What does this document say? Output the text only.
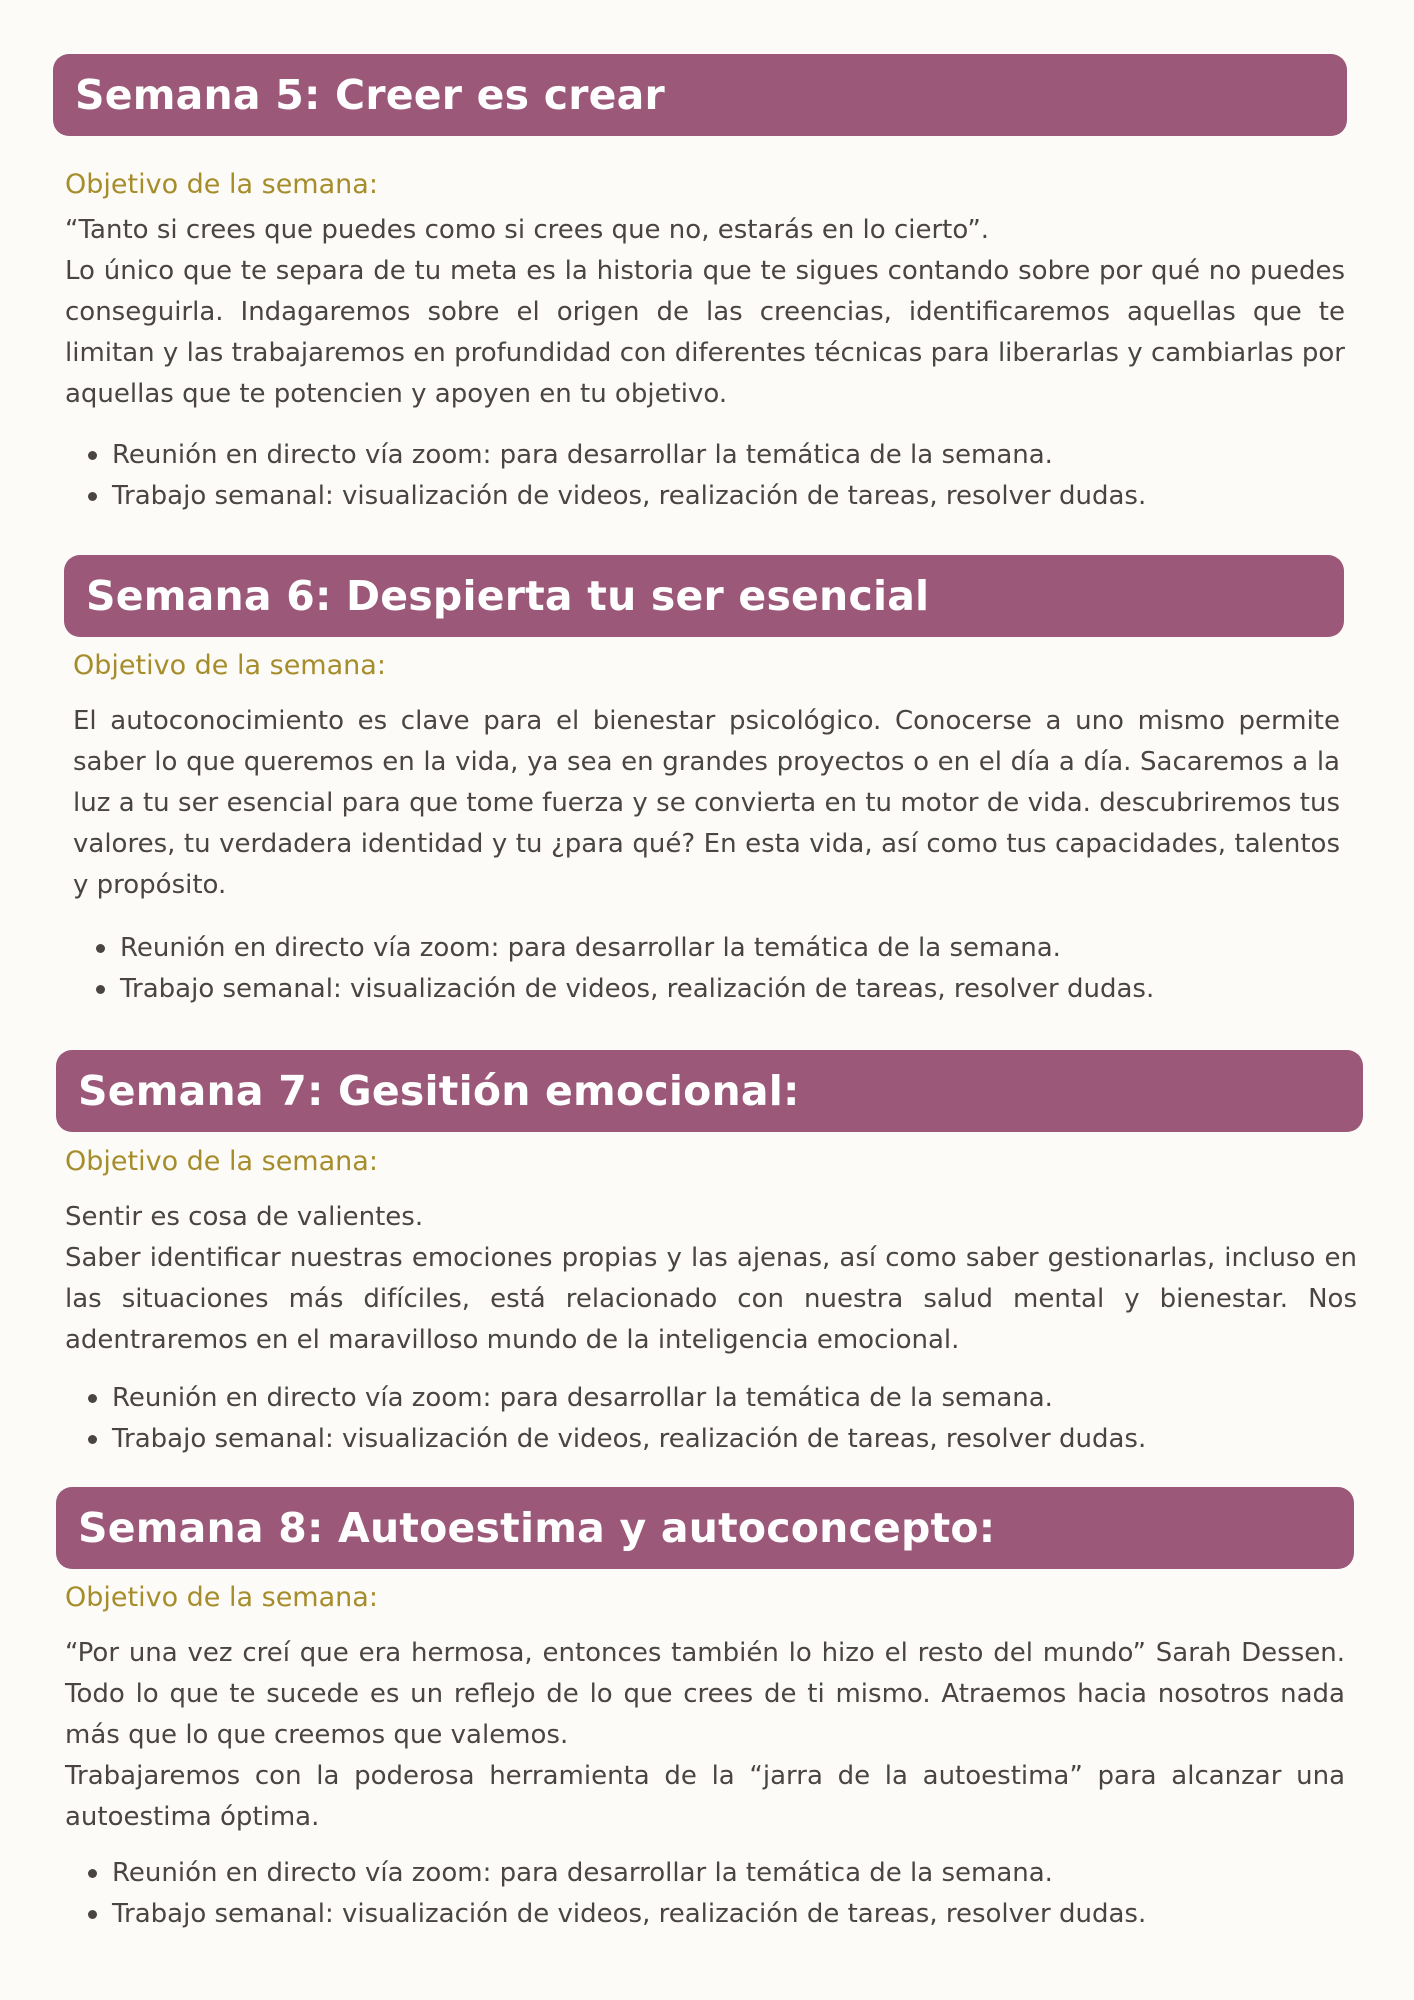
Semana 5: Creer es crear
Objetivo de la semana:

“Tanto si crees que puedes como si crees que no, estarás en lo cierto”.

Lo único que te separa de tu meta es la historia que te sigues contando sobre por qué no puedes conseguirla. Indagaremos sobre el origen de las creencias, identificaremos aquellas que te limitan y las trabajaremos en profundidad con diferentes técnicas para liberarlas y cambiarlas por aquellas que te potencien y apoyen en tu objetivo.

Reunión en directo vía zoom: para desarrollar la temática de la semana.
Trabajo semanal: visualización de videos, realización de tareas, resolver dudas.
Semana 6: Despierta tu ser esencial
Objetivo de la semana:

El autoconocimiento es clave para el bienestar psicológico. Conocerse a uno mismo permite saber lo que queremos en la vida, ya sea en grandes proyectos o en el día a día. Sacaremos a la luz a tu ser esencial para que tome fuerza y se convierta en tu motor de vida. descubriremos tus valores, tu verdadera identidad y tu ¿para qué? En esta vida, así como tus capacidades, talentos y propósito.

Reunión en directo vía zoom: para desarrollar la temática de la semana.
Trabajo semanal: visualización de videos, realización de tareas, resolver dudas.
Semana 7: Gesitión emocional:
Objetivo de la semana:

Sentir es cosa de valientes.

Saber identificar nuestras emociones propias y las ajenas, así como saber gestionarlas, incluso en las situaciones más difíciles, está relacionado con nuestra salud mental y bienestar. Nos adentraremos en el maravilloso mundo de la inteligencia emocional.

Reunión en directo vía zoom: para desarrollar la temática de la semana.
Trabajo semanal: visualización de videos, realización de tareas, resolver dudas.
Semana 8: Autoestima y autoconcepto:
Objetivo de la semana:

“Por una vez creí que era hermosa, entonces también lo hizo el resto del mundo” Sarah Dessen. Todo lo que te sucede es un reflejo de lo que crees de ti mismo. Atraemos hacia nosotros nada más que lo que creemos que valemos.

Trabajaremos con la poderosa herramienta de la “jarra de la autoestima” para alcanzar una autoestima óptima.

Reunión en directo vía zoom: para desarrollar la temática de la semana.
Trabajo semanal: visualización de videos, realización de tareas, resolver dudas.
